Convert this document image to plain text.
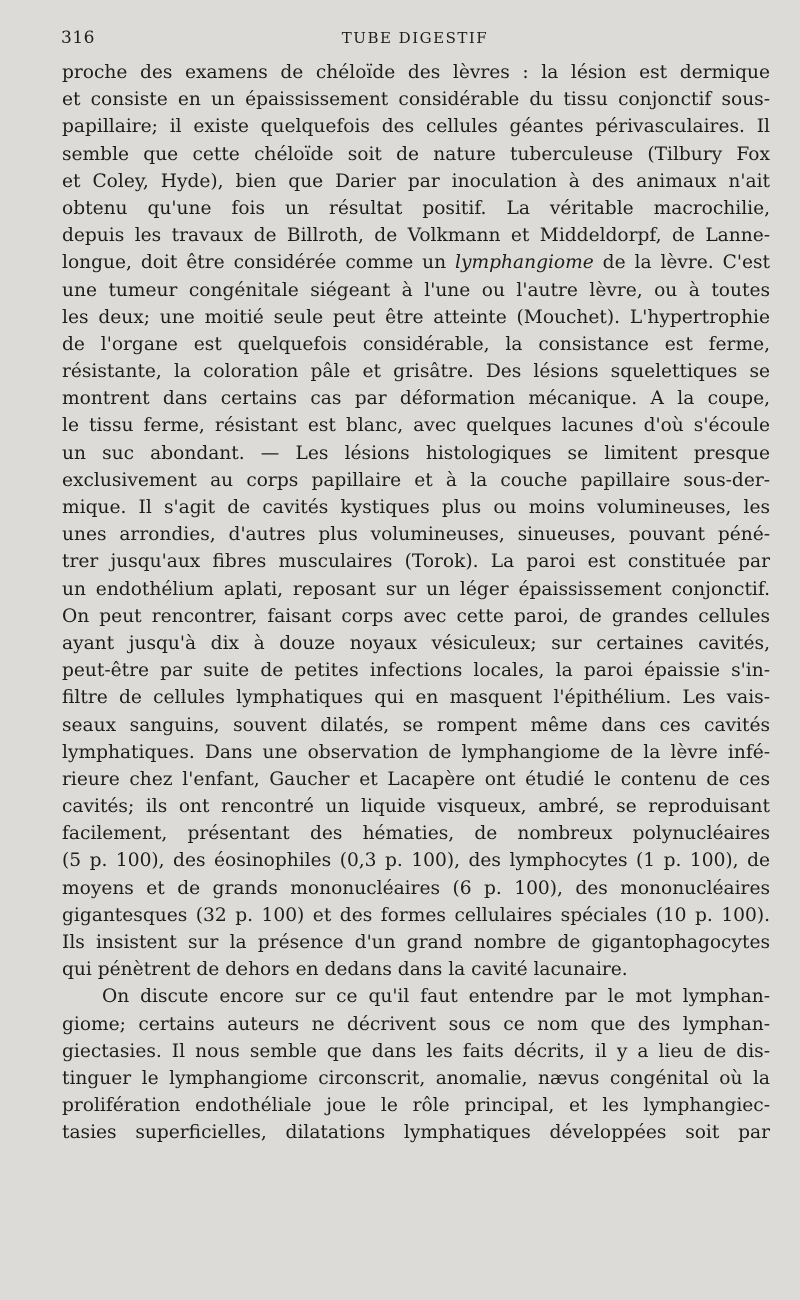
316	TUBE DIGESTIF
proche des examens de chéloïde des lèvres : la lésion est dermique
et consiste en un épaississement considérable du tissu conjonctif sous-
papillaire; il existe quelquefois des cellules géantes périvasculaires. Il
semble que cette chéloïde soit de nature tuberculeuse (Tilbury Fox
et Coley, Hyde), bien que Darier par inoculation à des animaux n'ait
obtenu qu'une fois un résultat positif. La véritable macrochilie,
depuis les travaux de Billroth, de Volkmann et Middeldorpf, de Lanne-
longue, doit être considérée comme un lymphangiome de la lèvre. C'est
une tumeur congénitale siégeant à l'une ou l'autre lèvre, ou à toutes
les deux; une moitié seule peut être atteinte (Mouchet). L'hypertrophie
de l'organe est quelquefois considérable, la consistance est ferme,
résistante, la coloration pâle et grisâtre. Des lésions squelettiques se
montrent dans certains cas par déformation mécanique. A la coupe,
le tissu ferme, résistant est blanc, avec quelques lacunes d'où s'écoule
un suc abondant. — Les lésions histologiques se limitent presque
exclusivement au corps papillaire et à la couche papillaire sous-der-
mique. Il s'agit de cavités kystiques plus ou moins volumineuses, les
unes arrondies, d'autres plus volumineuses, sinueuses, pouvant péné-
trer jusqu'aux fibres musculaires (Torok). La paroi est constituée par
un endothélium aplati, reposant sur un léger épaississement conjonctif.
On peut rencontrer, faisant corps avec cette paroi, de grandes cellules
ayant jusqu'à dix à douze noyaux vésiculeux; sur certaines cavités,
peut-être par suite de petites infections locales, la paroi épaissie s'in-
filtre de cellules lymphatiques qui en masquent l'épithélium. Les vais-
seaux sanguins, souvent dilatés, se rompent même dans ces cavités
lymphatiques. Dans une observation de lymphangiome de la lèvre infé-
rieure chez l'enfant, Gaucher et Lacapère ont étudié le contenu de ces
cavités; ils ont rencontré un liquide visqueux, ambré, se reproduisant
facilement, présentant des hématies, de nombreux polynucléaires
(5 p. 100), des éosinophiles (0,3 p. 100), des lymphocytes (1 p. 100), de
moyens et de grands mononucléaires (6 p. 100), des mononucléaires
gigantesques (32 p. 100) et des formes cellulaires spéciales (10 p. 100).
Ils insistent sur la présence d'un grand nombre de gigantophagocytes
qui pénètrent de dehors en dedans dans la cavité lacunaire.
On discute encore sur ce qu'il faut entendre par le mot lymphan-
giome; certains auteurs ne décrivent sous ce nom que des lymphan-
giectasies. Il nous semble que dans les faits décrits, il y a lieu de dis-
tinguer le lymphangiome circonscrit, anomalie, nævus congénital où la
prolifération endothéliale joue le rôle principal, et les lymphangiec-
tasies superficielles, dilatations lymphatiques développées soit par
